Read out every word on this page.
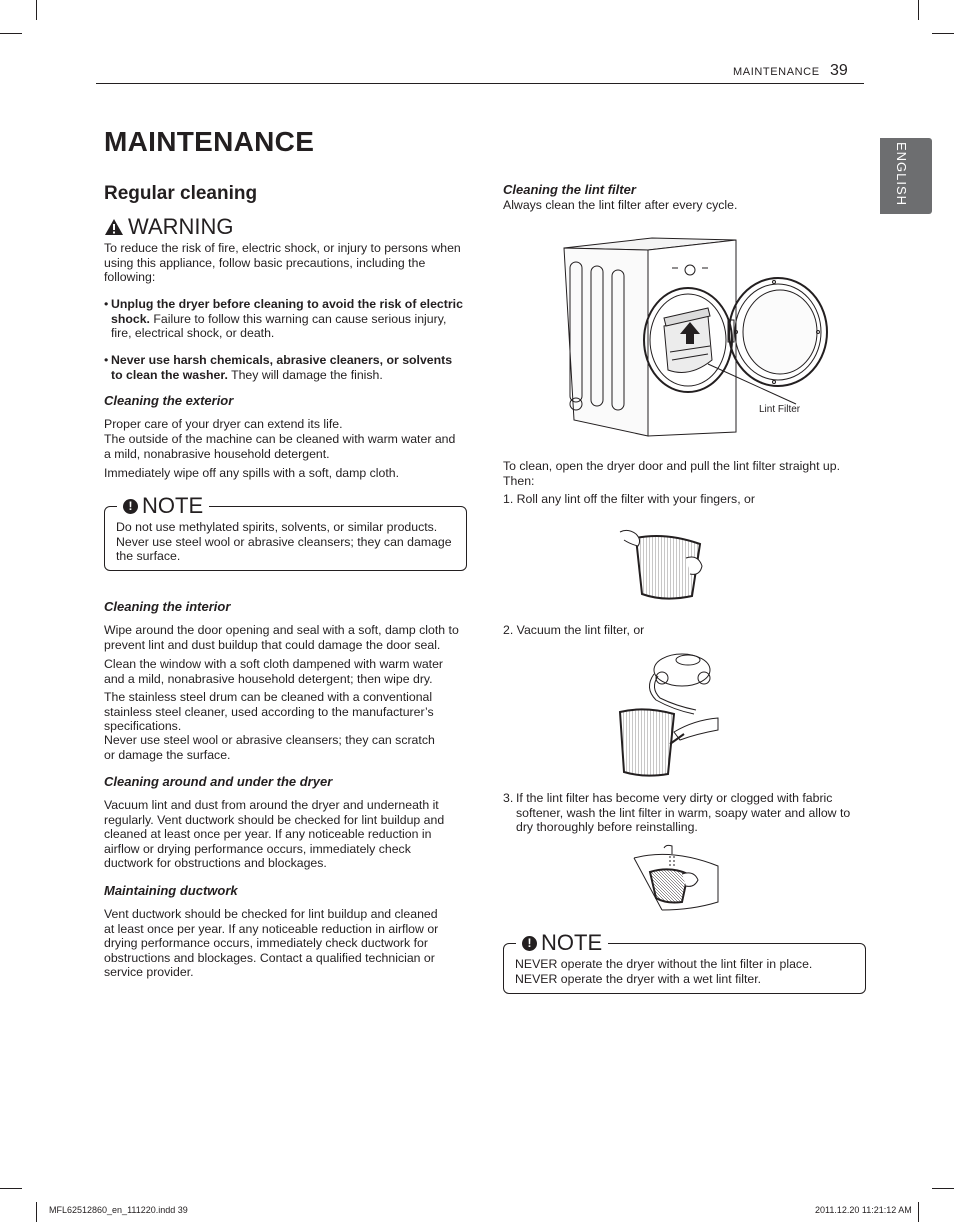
MAINTENANCE 39
ENGLISH
MAINTENANCE
Regular cleaning
WARNING
To reduce the risk of fire, electric shock, or injury to persons when using this appliance, follow basic precautions, including the following:
• Unplug the dryer before cleaning to avoid the risk of electric shock. Failure to follow this warning can cause serious injury, fire, electrical shock, or death.
• Never use harsh chemicals, abrasive cleaners, or solvents to clean the washer. They will damage the finish.
Cleaning the exterior
Proper care of your dryer can extend its life.
The outside of the machine can be cleaned with warm water and a mild, nonabrasive household detergent.
Immediately wipe off any spills with a soft, damp cloth.
! NOTE
Do not use methylated spirits, solvents, or similar products. Never use steel wool or abrasive cleansers; they can damage the surface.
Cleaning the interior
Wipe around the door opening and seal with a soft, damp cloth to prevent lint and dust buildup that could damage the door seal.
Clean the window with a soft cloth dampened with warm water and a mild, nonabrasive household detergent; then wipe dry.
The stainless steel drum can be cleaned with a conventional stainless steel cleaner, used according to the manufacturer’s specifications.
Never use steel wool or abrasive cleansers; they can scratch or damage the surface.
Cleaning around and under the dryer
Vacuum lint and dust from around the dryer and underneath it regularly. Vent ductwork should be checked for lint buildup and cleaned at least once per year. If any noticeable reduction in airflow or drying performance occurs, immediately check ductwork for obstructions and blockages.
Maintaining ductwork
Vent ductwork should be checked for lint buildup and cleaned at least once per year. If any noticeable reduction in airflow or drying performance occurs, immediately check ductwork for obstructions and blockages. Contact a qualified technician or service provider.
Cleaning the lint filter
Always clean the lint filter after every cycle.
Lint Filter
To clean, open the dryer door and pull the lint filter straight up. Then:
1. Roll any lint off the filter with your fingers, or
2. Vacuum the lint filter, or
3. If the lint filter has become very dirty or clogged with fabric softener, wash the lint filter in warm, soapy water and allow to dry thoroughly before reinstalling.
! NOTE
NEVER operate the dryer without the lint filter in place. NEVER operate the dryer with a wet lint filter.
MFL62512860_en_111220.indd 39	2011.12.20 11:21:12 AM
